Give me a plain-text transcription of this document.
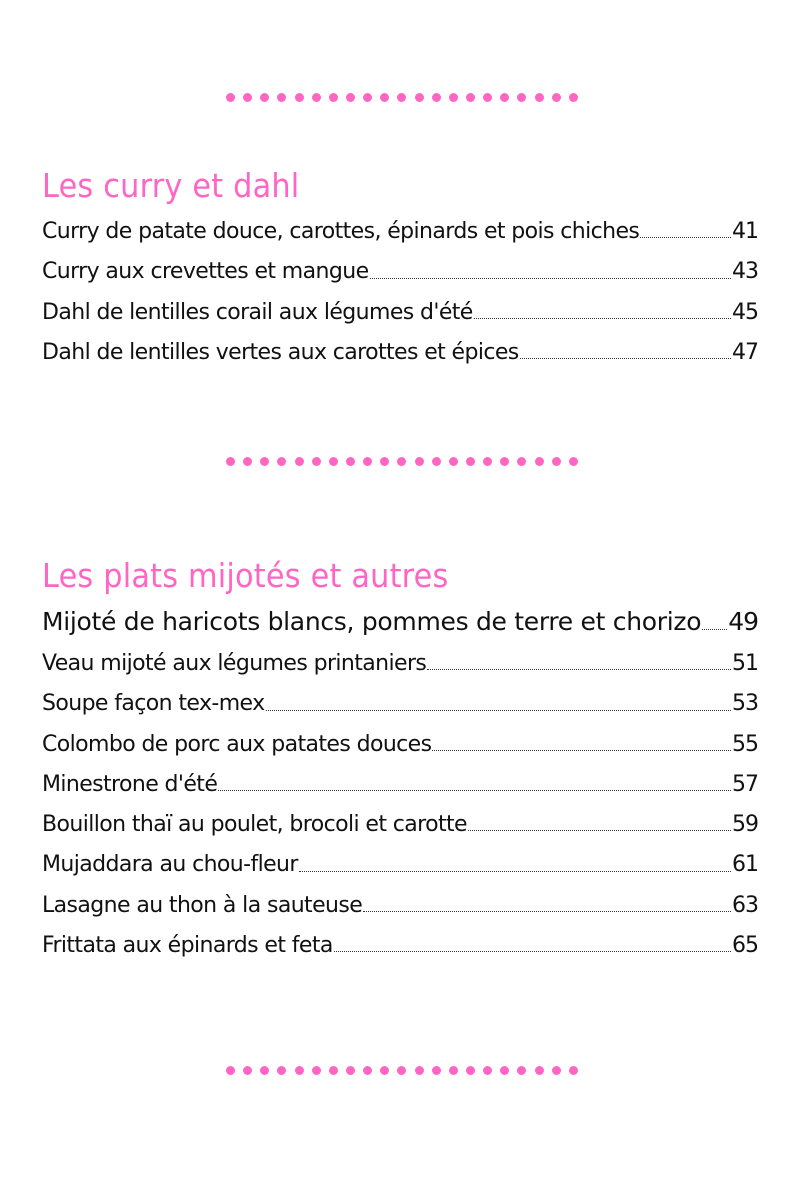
Les curry et dahl
Curry de patate douce, carottes, épinards et pois chiches	41
Curry aux crevettes et mangue	43
Dahl de lentilles corail aux légumes d'été	45
Dahl de lentilles vertes aux carottes et épices	47
Les plats mijotés et autres
Mijoté de haricots blancs, pommes de terre et chorizo 49
Veau mijoté aux légumes printaniers	51
Soupe façon tex-mex	53
Colombo de porc aux patates douces	55
Minestrone d'été	57
Bouillon thaï au poulet, brocoli et carotte	59
Mujaddara au chou-fleur	61
Lasagne au thon à la sauteuse	63
Frittata aux épinards et feta	65
